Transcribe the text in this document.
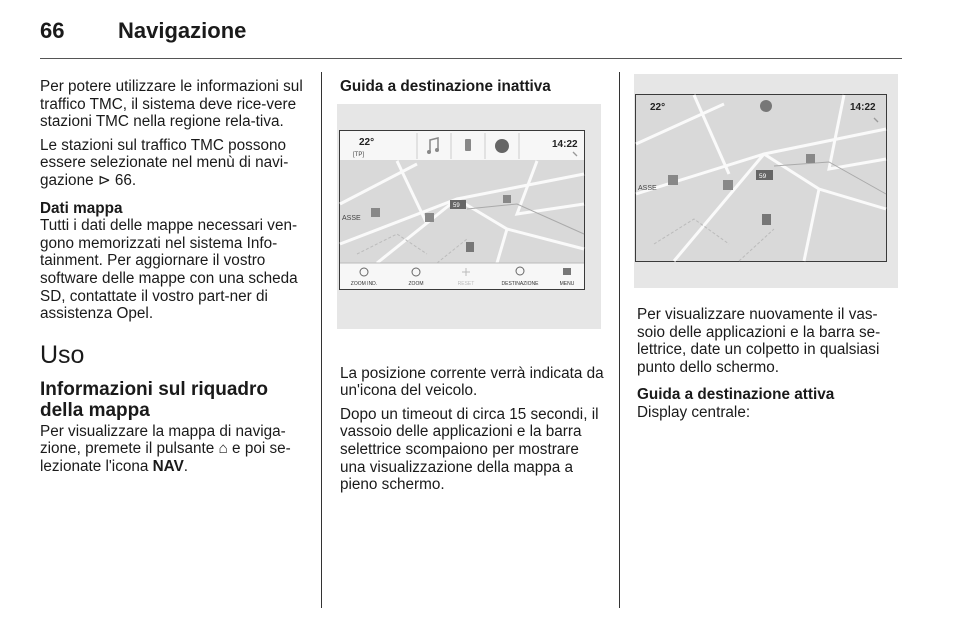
66 Navigazione

Per potere utilizzare le informazioni sul traffico TMC, il sistema deve rice-vere stazioni TMC nella regione rela-tiva.

Le stazioni sul traffico TMC possono essere selezionate nel menù di navi-gazione ⊳ 66.

Dati mappa

Tutti i dati delle mappe necessari ven-gono memorizzati nel sistema Info-tainment. Per aggiornare il vostro software delle mappe con una scheda SD, contattate il vostro part-ner di assistenza Opel.

Uso
Informazioni sul riquadro della mappa

Per visualizzare la mappa di naviga-zione, premete il pulsante ⌂ e poi se-lezionate l'icona NAV.

Guida a destinazione inattiva

22°
[TP]
14:22
59
ASSE
ZOOM IND.	ZOOM	RESET	DESTINAZIONE	MENU

La posizione corrente verrà indicata da un'icona del veicolo.

Dopo un timeout di circa 15 secondi, il vassoio delle applicazioni e la barra selettrice scompaiono per mostrare una visualizzazione della mappa a pieno schermo.

22°	14:22
59
ASSE

Per visualizzare nuovamente il vas-soio delle applicazioni e la barra se-lettrice, date un colpetto in qualsiasi punto dello schermo.

Guida a destinazione attiva

Display centrale:
